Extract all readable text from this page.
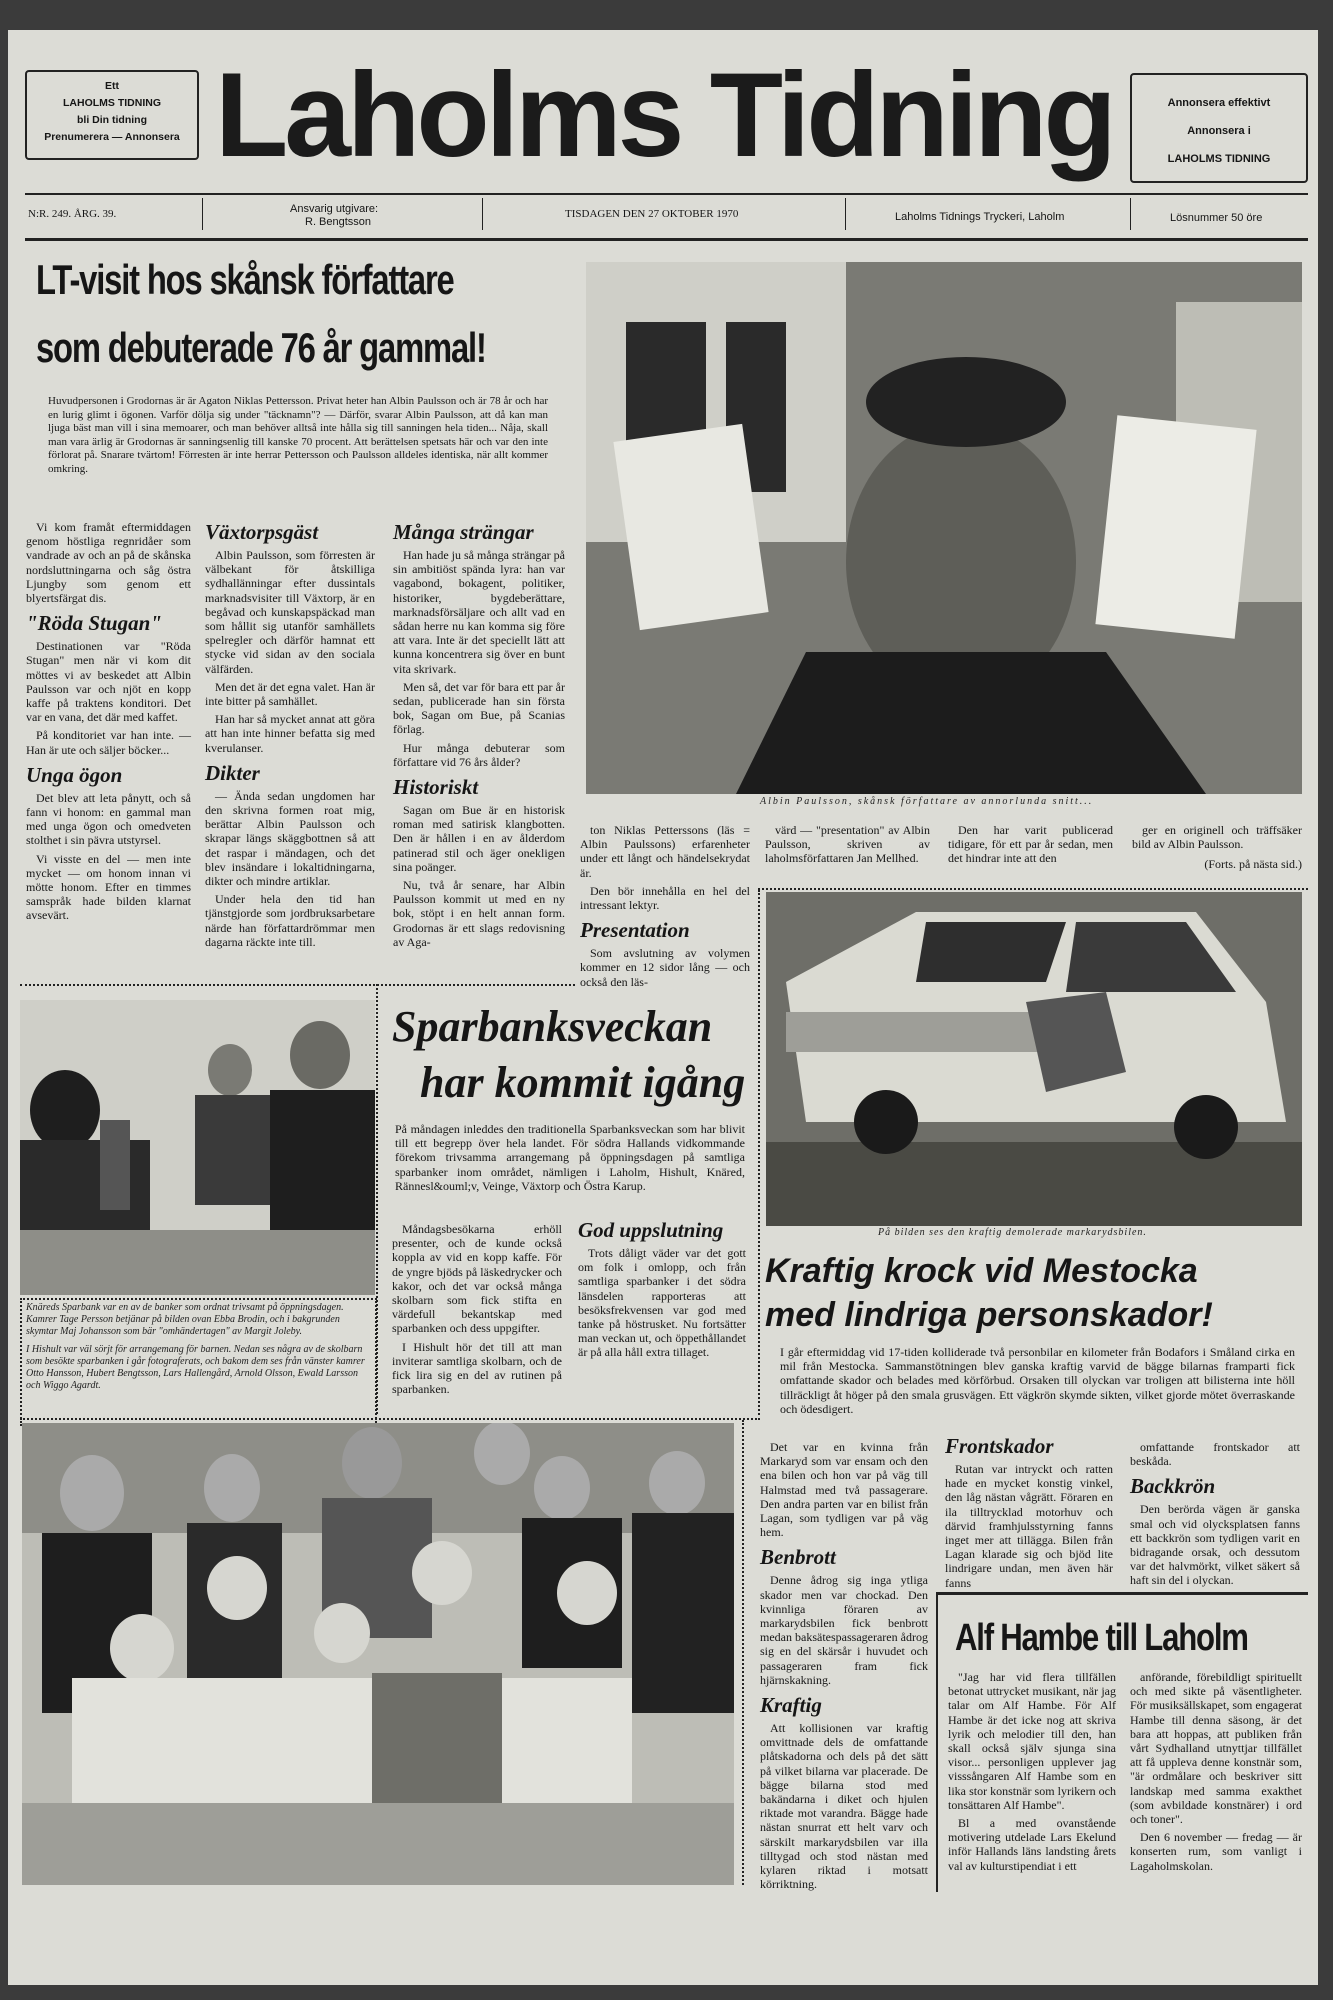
Ett
LAHOLMS TIDNING
bli Din tidning
Prenumerera — Annonsera Laholms Tidning	Annonsera effektivt
Annonsera i
LAHOLMS TIDNING
N:R. 249. ÅRG. 39.	Ansvarig utgivare:
R. Bengtsson
TISDAGEN DEN 27 OKTOBER 1970	Laholms Tidnings Tryckeri, Laholm	Lösnummer 50 öre
LT-visit hos skånsk författare
som debuterade 76 år gammal!
Huvudpersonen i Grodornas är är Agaton Niklas Pettersson. Privat heter han Albin Paulsson och är 78 år och har en lurig glimt i ögonen. Varför dölja sig under "täcknamn"? — Därför, svarar Albin Paulsson, att då kan man ljuga bäst man vill i sina memoarer, och man behöver alltså inte hålla sig till sanningen hela tiden... Nåja, skall man vara ärlig är Grodornas är sanningsenlig till kanske 70 procent. Att berättelsen spetsats här och var den inte förlorat på. Snarare tvärtom! Förresten är inte herrar Pettersson och Paulsson alldeles identiska, när allt kommer omkring.
Albin Paulsson, skånsk författare av annorlunda snitt...

Vi kom framåt eftermiddagen genom höstliga regnridåer som vandrade av och an på de skånska nordsluttningarna och såg östra Ljungby som genom ett blyertsfärgat dis.

"Röda Stugan"

Destinationen var "Röda Stugan" men när vi kom dit möttes vi av beskedet att Albin Paulsson var och njöt en kopp kaffe på traktens konditori. Det var en vana, det där med kaffet.

På konditoriet var han inte. — Han är ute och säljer böcker...

Unga ögon

Det blev att leta pånytt, och så fann vi honom: en gammal man med unga ögon och omedveten stolthet i sin pävra utstyrsel.

Vi visste en del — men inte mycket — om honom innan vi mötte honom. Efter en timmes samspråk hade bilden klarnat avsevärt.

Växtorpsgäst

Albin Paulsson, som förresten är välbekant för åtskilliga sydhallänningar efter dussintals marknadsvisiter till Växtorp, är en begåvad och kunskapspäckad man som hållit sig utanför samhällets spelregler och därför hamnat ett stycke vid sidan av den sociala välfärden.

Men det är det egna valet. Han är inte bitter på samhället.

Han har så mycket annat att göra att han inte hinner befatta sig med kverulanser.

Dikter

— Ända sedan ungdomen har den skrivna formen roat mig, berättar Albin Paulsson och skrapar längs skäggbottnen så att det raspar i mändagen, och det blev insändare i lokaltidningarna, dikter och mindre artiklar.

Under hela den tid han tjänstgjorde som jordbruksarbetare närde han författardrömmar men dagarna räckte inte till.

Många strängar

Han hade ju så många strängar på sin ambitiöst spända lyra: han var vagabond, bokagent, politiker, historiker, bygdeberättare, marknadsförsäljare och allt vad en sådan herre nu kan komma sig före att vara. Inte är det speciellt lätt att kunna koncentrera sig över en bunt vita skrivark.

Men så, det var för bara ett par år sedan, publicerade han sin första bok, Sagan om Bue, på Scanias förlag.

Hur många debuterar som författare vid 76 års ålder?

Historiskt

Sagan om Bue är en historisk roman med satirisk klangbotten. Den är hållen i en av ålderdom patinerad stil och äger onekligen sina poänger.

Nu, två år senare, har Albin Paulsson kommit ut med en ny bok, stöpt i en helt annan form. Grodornas är ett slags redovisning av Aga-

ton Niklas Petterssons (läs = Albin Paulssons) erfarenheter under ett långt och händelsekrydat är.

Den bör innehålla en hel del intressant lektyr.

Presentation

Som avslutning av volymen kommer en 12 sidor lång — och också den läs-

värd — "presentation" av Albin Paulsson, skriven av laholmsförfattaren Jan Mellhed.

Den har varit publicerad tidigare, för ett par år sedan, men det hindrar inte att den

ger en originell och träffsäker bild av Albin Paulsson.

(Forts. på nästa sid.)
Knäreds Sparbank var en av de banker som ordnat trivsamt på öppningsdagen. Kamrer Tage Persson betjänar på bilden ovan Ebba Brodin, och i bakgrunden skymtar Maj Johansson som bär "omhändertagen" av Margit Joleby.
I Hishult var väl sörjt för arrangemang för barnen. Nedan ses några av de skolbarn som besökte sparbanken i går fotograferats, och bakom dem ses från vänster kamrer Otto Hansson, Hubert Bengtsson, Lars Hallengård, Arnold Olsson, Ewald Larsson och Wiggo Agardt.
Sparbanksveckan
har kommit igång
På måndagen inleddes den traditionella Sparbanksveckan som har blivit till ett begrepp över hela landet. För södra Hallands vidkommande förekom trivsamma arrangemang på öppningsdagen på samtliga sparbanker inom området, nämligen i Laholm, Hishult, Knäred, Rännesl&ouml;v, Veinge, Växtorp och Östra Karup.

Måndagsbesökarna erhöll presenter, och de kunde också koppla av vid en kopp kaffe. För de yngre bjöds på läskedrycker och kakor, och det var också många skolbarn som fick stifta en värdefull bekantskap med sparbanken och dess uppgifter.

I Hishult hör det till att man inviterar samtliga skolbarn, och de fick lira sig en del av rutinen på sparbanken.

God uppslutning

Trots dåligt väder var det gott om folk i omlopp, och från samtliga sparbanker i det södra länsdelen rapporteras att besöksfrekvensen var god med tanke på höstrusket. Nu fortsätter man veckan ut, och öppethållandet är på alla håll extra tillaget.

På bilden ses den kraftig demolerade markarydsbilen.
Kraftig krock vid Mestocka
med lindriga personskador!
I går eftermiddag vid 17-tiden kolliderade två personbilar en kilometer från Bodafors i Småland cirka en mil från Mestocka. Sammanstötningen blev ganska kraftig varvid de bägge bilarnas framparti fick omfattande skador och belades med körförbud. Orsaken till olyckan var troligen att bilisterna inte höll tillräckligt åt höger på den smala grusvägen. Ett vägkrön skymde sikten, vilket gjorde mötet överraskande och ödesdigert.

Det var en kvinna från Markaryd som var ensam och den ena bilen och hon var på väg till Halmstad med två passagerare. Den andra parten var en bilist från Lagan, som tydligen var på väg hem.

Benbrott

Denne ådrog sig inga ytliga skador men var chockad. Den kvinnliga föraren av markarydsbilen fick benbrott medan baksätespassageraren ådrog sig en del skärsår i huvudet och passageraren fram fick hjärnskakning.

Kraftig

Att kollisionen var kraftig omvittnade dels de omfattande plåtskadorna och dels på det sätt på vilket bilarna var placerade. De bägge bilarna stod med bakändarna i diket och hjulen riktade mot varandra. Bägge hade nästan snurrat ett helt varv och särskilt markarydsbilen var illa tilltygad och stod nästan med kylaren riktad i motsatt körriktning.

Frontskador

Rutan var intryckt och ratten hade en mycket konstig vinkel, den låg nästan vågrätt. Föraren en ila tilltrycklad motorhuv och därvid framhjulsstyrning fanns inget mer att tillägga. Bilen från Lagan klarade sig och bjöd lite lindrigare undan, men även här fanns

omfattande frontskador att beskåda.

Backkrön

Den berörda vägen är ganska smal och vid olycksplatsen fanns ett backkrön som tydligen varit en bidragande orsak, och dessutom var det halvmörkt, vilket säkert så haft sin del i olyckan.

Alf Hambe till Laholm

"Jag har vid flera tillfällen betonat uttrycket musikant, när jag talar om Alf Hambe. För Alf Hambe är det icke nog att skriva lyrik och melodier till den, han skall också själv sjunga sina visor... personligen upplever jag visssångaren Alf Hambe som en lika stor konstnär som lyrikern och tonsättaren Alf Hambe".

Bl a med ovanstående motivering utdelade Lars Ekelund inför Hallands läns landsting årets val av kulturstipendiat i ett

anförande, förebildligt spirituellt och med sikte på väsentligheter. För musiksällskapet, som engagerat Hambe till denna säsong, är det bara att hoppas, att publiken från vårt Sydhalland utnyttjar tillfället att få uppleva denne konstnär som, "är ordmålare och beskriver sitt landskap med samma exakthet (som avbildade konstnärer) i ord och toner".

Den 6 november — fredag — är konserten rum, som vanligt i Lagaholmskolan.
